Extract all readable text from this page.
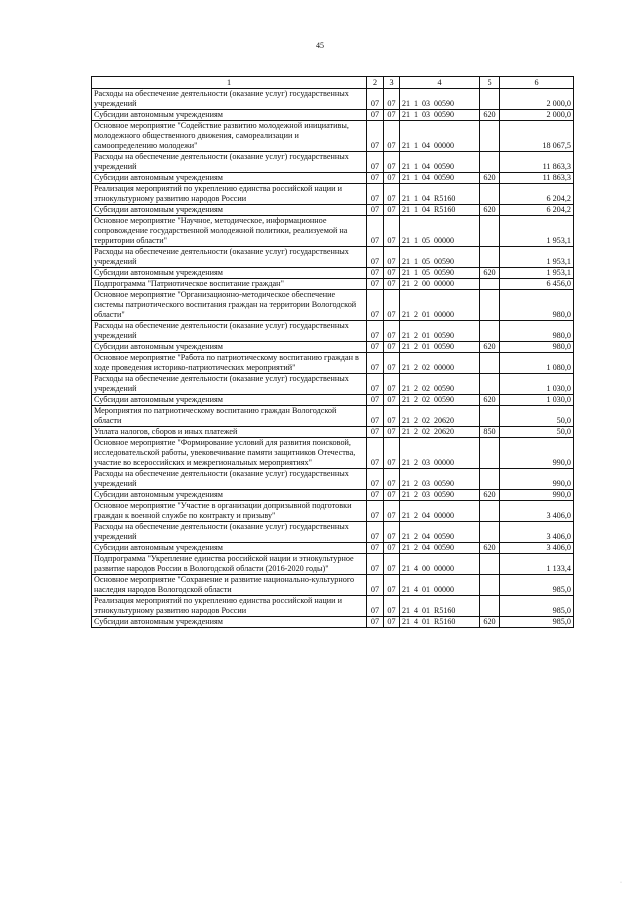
45
1	2	3	4	5	6
Расходы на обеспечение деятельности (оказание услуг) государственных учреждений	07	07	21  1  03  00590		2 000,0
Субсидии автономным учреждениям	07	07	21  1  03  00590	620	2 000,0
Основное мероприятие "Содействие развитию молодежной инициативы, молодежного общественного движения, самореализации и самоопределению молодежи"	07	07	21  1  04  00000		18 067,5
Расходы на обеспечение деятельности (оказание услуг) государственных учреждений	07	07	21  1  04  00590		11 863,3
Субсидии автономным учреждениям	07	07	21  1  04  00590	620	11 863,3
Реализация мероприятий по укреплению единства российской нации и этнокультурному развитию народов России	07	07	21  1  04  R5160		6 204,2
Субсидии автономным учреждениям	07	07	21  1  04  R5160	620	6 204,2
Основное мероприятие "Научное, методическое, информационное сопровождение государственной молодежной политики, реализуемой на территории области"	07	07	21  1  05  00000		1 953,1
Расходы на обеспечение деятельности (оказание услуг) государственных учреждений	07	07	21  1  05  00590		1 953,1
Субсидии автономным учреждениям	07	07	21  1  05  00590	620	1 953,1
Подпрограмма "Патриотическое воспитание граждан"	07	07	21  2  00  00000		6 456,0
Основное мероприятие "Организационно-методическое обеспечение системы патриотического воспитания граждан на территории Вологодской области"	07	07	21  2  01  00000		980,0
Расходы на обеспечение деятельности (оказание услуг) государственных учреждений	07	07	21  2  01  00590		980,0
Субсидии автономным учреждениям	07	07	21  2  01  00590	620	980,0
Основное мероприятие "Работа по патриотическому воспитанию граждан в ходе проведения историко-патриотических мероприятий"	07	07	21  2  02  00000		1 080,0
Расходы на обеспечение деятельности (оказание услуг) государственных учреждений	07	07	21  2  02  00590		1 030,0
Субсидии автономным учреждениям	07	07	21  2  02  00590	620	1 030,0
Мероприятия по патриотическому воспитанию граждан Вологодской области	07	07	21  2  02  20620		50,0
Уплата налогов, сборов и иных платежей	07	07	21  2  02  20620	850	50,0
Основное мероприятие "Формирование условий для развития поисковой, исследовательской работы, увековечивание памяти защитников Отечества, участие во всероссийских и межрегиональных мероприятиях"	07	07	21  2  03  00000		990,0
Расходы на обеспечение деятельности (оказание услуг) государственных учреждений	07	07	21  2  03  00590		990,0
Субсидии автономным учреждениям	07	07	21  2  03  00590	620	990,0
Основное мероприятие "Участие в организации допризывной подготовки граждан к военной службе по контракту и призыву"	07	07	21  2  04  00000		3 406,0
Расходы на обеспечение деятельности (оказание услуг) государственных учреждений	07	07	21  2  04  00590		3 406,0
Субсидии автономным учреждениям	07	07	21  2  04  00590	620	3 406,0
Подпрограмма "Укрепление единства российской нации и этнокультурное развитие народов России в Вологодской области (2016-2020 годы)"	07	07	21  4  00  00000		1 133,4
Основное мероприятие "Сохранение и развитие национально-культурного наследия народов Вологодской области	07	07	21  4  01  00000		985,0
Реализация мероприятий по укреплению единства российской нации и этнокультурному развитию народов России	07	07	21  4  01  R5160		985,0
Субсидии автономным учреждениям	07	07	21  4  01  R5160	620	985,0
·
